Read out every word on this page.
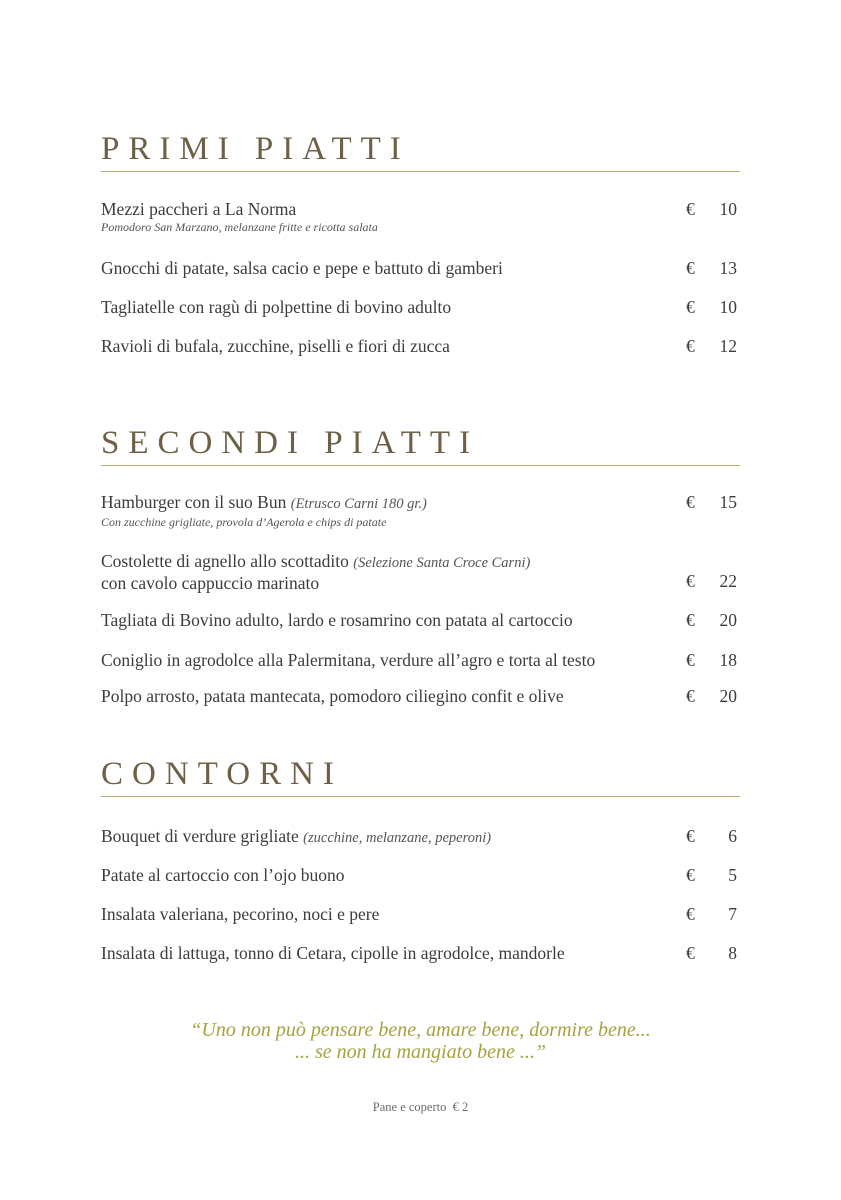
PRIMI PIATTI
Mezzi paccheri a La Norma
Pomodoro San Marzano, melanzane fritte e ricotta salata
€	10
Gnocchi di patate, salsa cacio e pepe e battuto di gamberi	€	13
Tagliatelle con ragù di polpettine di bovino adulto	€	10
Ravioli di bufala, zucchine, piselli e fiori di zucca	€	12
SECONDI PIATTI
Hamburger con il suo Bun (Etrusco Carni 180 gr.)
Con zucchine grigliate, provola d’Agerola e chips di patate
€	15
Costolette di agnello allo scottadito (Selezione Santa Croce Carni)
con cavolo cappuccio marinato	€	22
Tagliata di Bovino adulto, lardo e rosamrino con patata al cartoccio	€	20
Coniglio in agrodolce alla Palermitana, verdure all’agro e torta al testo	€	18
Polpo arrosto, patata mantecata, pomodoro ciliegino confit e olive	€	20
CONTORNI
Bouquet di verdure grigliate (zucchine, melanzane, peperoni)	€	6
Patate al cartoccio con l’ojo buono	€	5
Insalata valeriana, pecorino, noci e pere	€	7
Insalata di lattuga, tonno di Cetara, cipolle in agrodolce, mandorle	€	8
“Uno non può pensare bene, amare bene, dormire bene...
... se non ha mangiato bene ...”
Pane e coperto € 2
